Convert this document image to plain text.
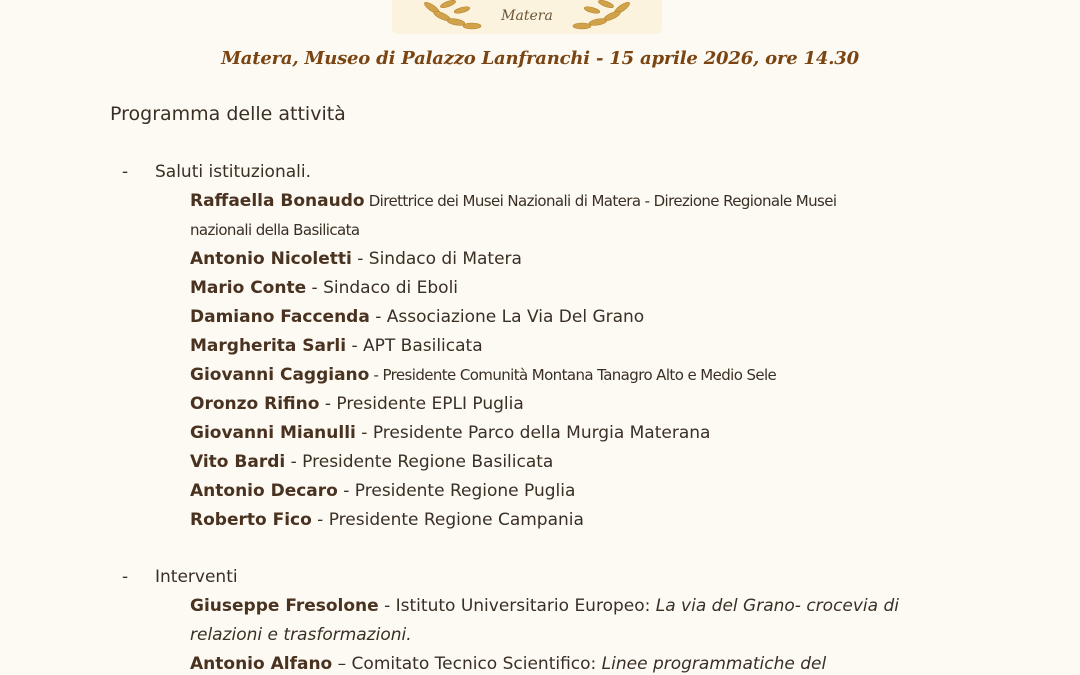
Matera
Matera, Museo di Palazzo Lanfranchi - 15 aprile 2026, ore 14.30
Programma delle attività
- Saluti istituzionali.
Raffaella Bonaudo Direttrice dei Musei Nazionali di Matera - Direzione Regionale Musei
nazionali della Basilicata
Antonio Nicoletti - Sindaco di Matera
Mario Conte - Sindaco di Eboli
Damiano Faccenda - Associazione La Via Del Grano
Margherita Sarli - APT Basilicata
Giovanni Caggiano - Presidente Comunità Montana Tanagro Alto e Medio Sele
Oronzo Rifino - Presidente EPLI Puglia
Giovanni Mianulli - Presidente Parco della Murgia Materana
Vito Bardi - Presidente Regione Basilicata
Antonio Decaro - Presidente Regione Puglia
Roberto Fico - Presidente Regione Campania
- Interventi
Giuseppe Fresolone - Istituto Universitario Europeo: La via del Grano- crocevia di
relazioni e trasformazioni.
Antonio Alfano – Comitato Tecnico Scientifico: Linee programmatiche del
